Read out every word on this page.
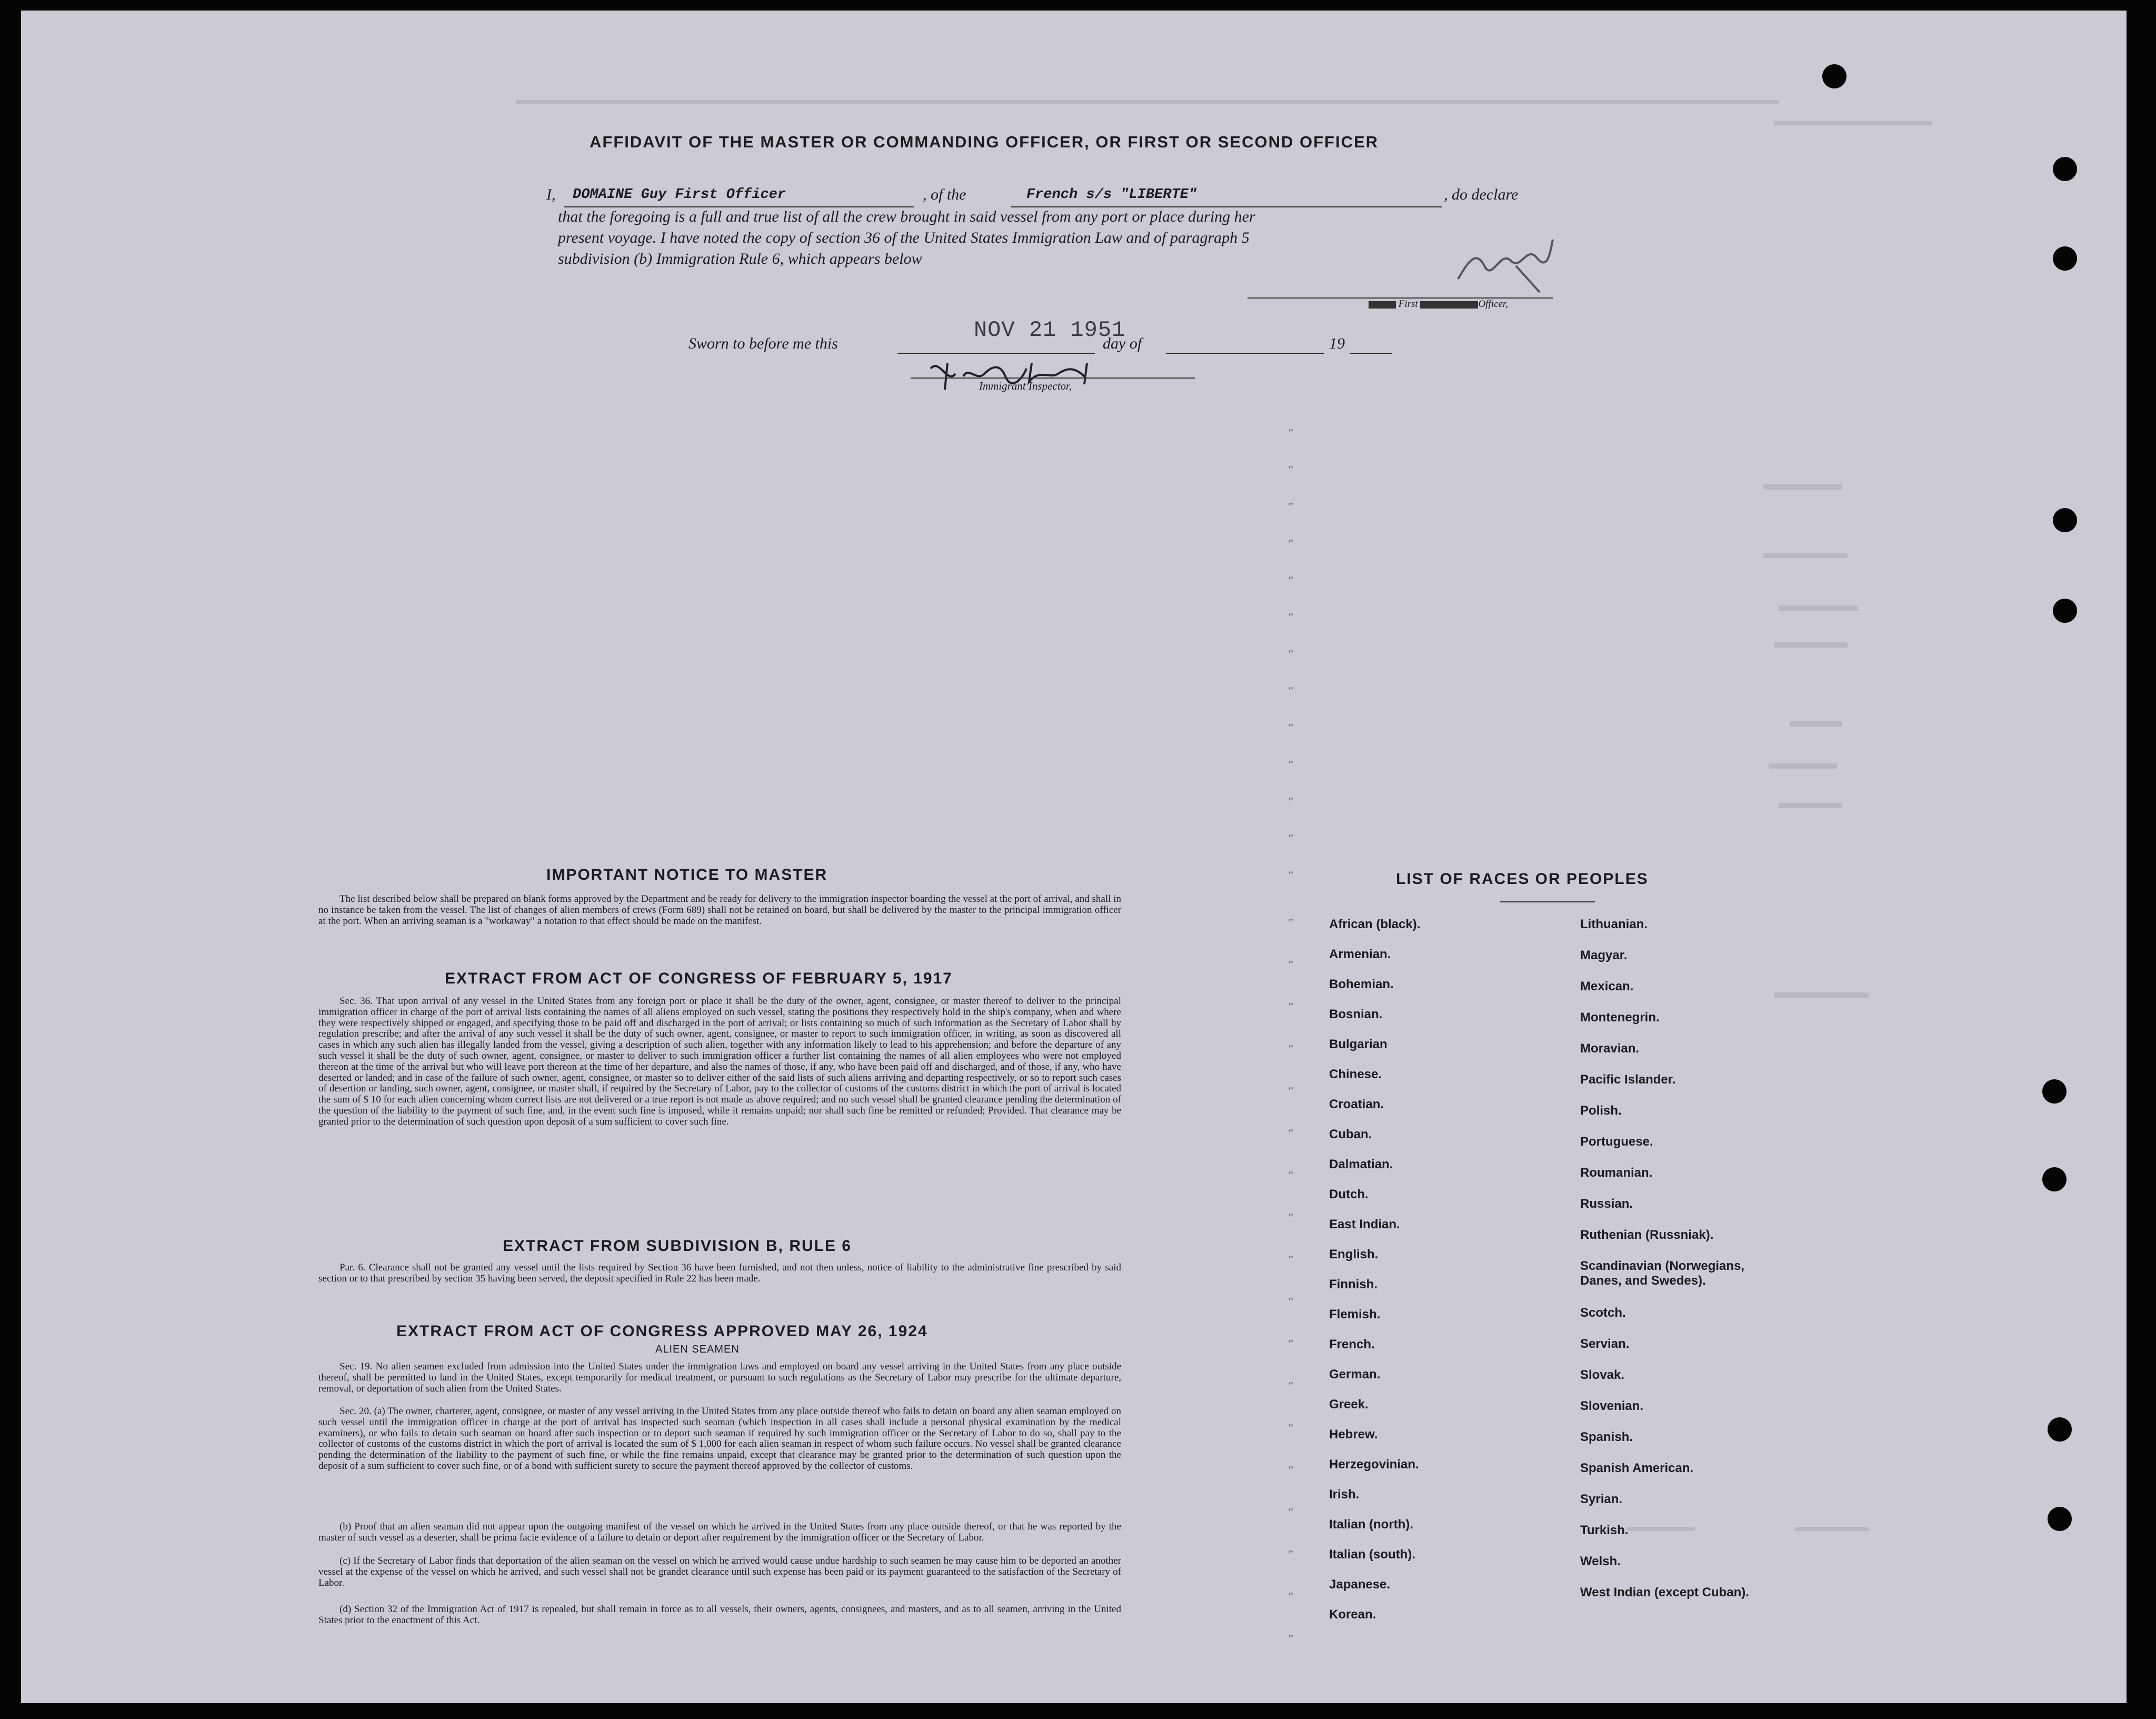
AFFIDAVIT OF THE MASTER OR COMMANDING OFFICER, OR FIRST OR SECOND OFFICER
I, DOMAINE Guy First Officer	, of the	French s/s "LIBERTE"	, do declare
that the foregoing is a full and true list of all the crew brought in said vessel from any port or place during her
present voyage. I have noted the copy of section 36 of the United States Immigration Law and of paragraph 5
subdivision (b) Immigration Rule 6, which appears below
First	Officer,
Sworn to before me this
NOV 21 1951
day of	19
Immigrant Inspector,
"
"
"
"
"
"
"
"
"
"
"
"
"
"
"
"
"
"
"
"
"
"
"
"
"
"
"
"
"
"
"
IMPORTANT NOTICE TO MASTER
The list described below shall be prepared on blank forms approved by the Department and be ready for delivery to the immigration inspector boarding the vessel at the port of arrival, and shall in no instance be taken from the vessel. The list of changes of alien members of crews (Form 689) shall not be retained on board, but shall be delivered by the master to the principal immigration officer at the port. When an arriving seaman is a "workaway" a notation to that effect should be made on the manifest.
EXTRACT FROM ACT OF CONGRESS OF FEBRUARY 5, 1917
Sec. 36. That upon arrival of any vessel in the United States from any foreign port or place it shall be the duty of the owner, agent, consignee, or master thereof to deliver to the principal immigration officer in charge of the port of arrival lists containing the names of all aliens employed on such vessel, stating the positions they respectively hold in the ship's company, when and where they were respectively shipped or engaged, and specifying those to be paid off and discharged in the port of arrival; or lists containing so much of such information as the Secretary of Labor shall by regulation prescribe; and after the arrival of any such vessel it shall be the duty of such owner, agent, consignee, or master to report to such immigration officer, in writing, as soon as discovered all cases in which any such alien has illegally landed from the vessel, giving a description of such alien, together with any information likely to lead to his apprehension; and before the departure of any such vessel it shall be the duty of such owner, agent, consignee, or master to deliver to such immigration officer a further list containing the names of all alien employees who were not employed thereon at the time of the arrival but who will leave port thereon at the time of her departure, and also the names of those, if any, who have been paid off and discharged, and of those, if any, who have deserted or landed; and in case of the failure of such owner, agent, consignee, or master so to deliver either of the said lists of such aliens arriving and departing respectively, or so to report such cases of desertion or landing, such owner, agent, consignee, or master shall, if required by the Secretary of Labor, pay to the collector of customs of the customs district in which the port of arrival is located the sum of $ 10 for each alien concerning whom correct lists are not delivered or a true report is not made as above required; and no such vessel shall be granted clearance pending the determination of the question of the liability to the payment of such fine, and, in the event such fine is imposed, while it remains unpaid; nor shall such fine be remitted or refunded; Provided. That clearance may be granted prior to the determination of such question upon deposit of a sum sufficient to cover such fine.
EXTRACT FROM SUBDIVISION B, RULE 6
Par. 6. Clearance shall not be granted any vessel until the lists required by Section 36 have been furnished, and not then unless, notice of liability to the administrative fine prescribed by said section or to that prescribed by section 35 having been served, the deposit specified in Rule 22 has been made.
EXTRACT FROM ACT OF CONGRESS APPROVED MAY 26, 1924
ALIEN SEAMEN
Sec. 19. No alien seamen excluded from admission into the United States under the immigration laws and employed on board any vessel arriving in the United States from any place outside thereof, shall be permitted to land in the United States, except temporarily for medical treatment, or pursuant to such regulations as the Secretary of Labor may prescribe for the ultimate departure, removal, or deportation of such alien from the United States.
Sec. 20. (a) The owner, charterer, agent, consignee, or master of any vessel arriving in the United States from any place outside thereof who fails to detain on board any alien seaman employed on such vessel until the immigration officer in charge at the port of arrival has inspected such seaman (which inspection in all cases shall include a personal physical examination by the medical examiners), or who fails to detain such seaman on board after such inspection or to deport such seaman if required by such immigration officer or the Secretary of Labor to do so, shall pay to the collector of customs of the customs district in which the port of arrival is located the sum of $ 1,000 for each alien seaman in respect of whom such failure occurs. No vessel shall be granted clearance pending the determination of the liability to the payment of such fine, or while the fine remains unpaid, except that clearance may be granted prior to the determination of such question upon the deposit of a sum sufficient to cover such fine, or of a bond with sufficient surety to secure the payment thereof approved by the collector of customs.
(b) Proof that an alien seaman did not appear upon the outgoing manifest of the vessel on which he arrived in the United States from any place outside thereof, or that he was reported by the master of such vessel as a deserter, shall be prima facie evidence of a failure to detain or deport after requirement by the immigration officer or the Secretary of Labor.
(c) If the Secretary of Labor finds that deportation of the alien seaman on the vessel on which he arrived would cause undue hardship to such seamen he may cause him to be deported an another vessel at the expense of the vessel on which he arrived, and such vessel shall not be grandet clearance until such expense has been paid or its payment guaranteed to the satisfaction of the Secretary of Labor.
(d) Section 32 of the Immigration Act of 1917 is repealed, but shall remain in force as to all vessels, their owners, agents, consignees, and masters, and as to all seamen, arriving in the United States prior to the enactment of this Act.
LIST OF RACES OR PEOPLES
African (black).
Armenian.
Bohemian.
Bosnian.
Bulgarian
Chinese.
Croatian.
Cuban.
Dalmatian.
Dutch.
East Indian.
English.
Finnish.
Flemish.
French.
German.
Greek.
Hebrew.
Herzegovinian.
Irish.
Italian (north).
Italian (south).
Japanese.
Korean.
Lithuanian.
Magyar.
Mexican.
Montenegrin.
Moravian.
Pacific Islander.
Polish.
Portuguese.
Roumanian.
Russian.
Ruthenian (Russniak).
Scandinavian (Norwegians, Danes, and Swedes).
Scotch.
Servian.
Slovak.
Slovenian.
Spanish.
Spanish American.
Syrian.
Turkish.
Welsh.
West Indian (except Cuban).
